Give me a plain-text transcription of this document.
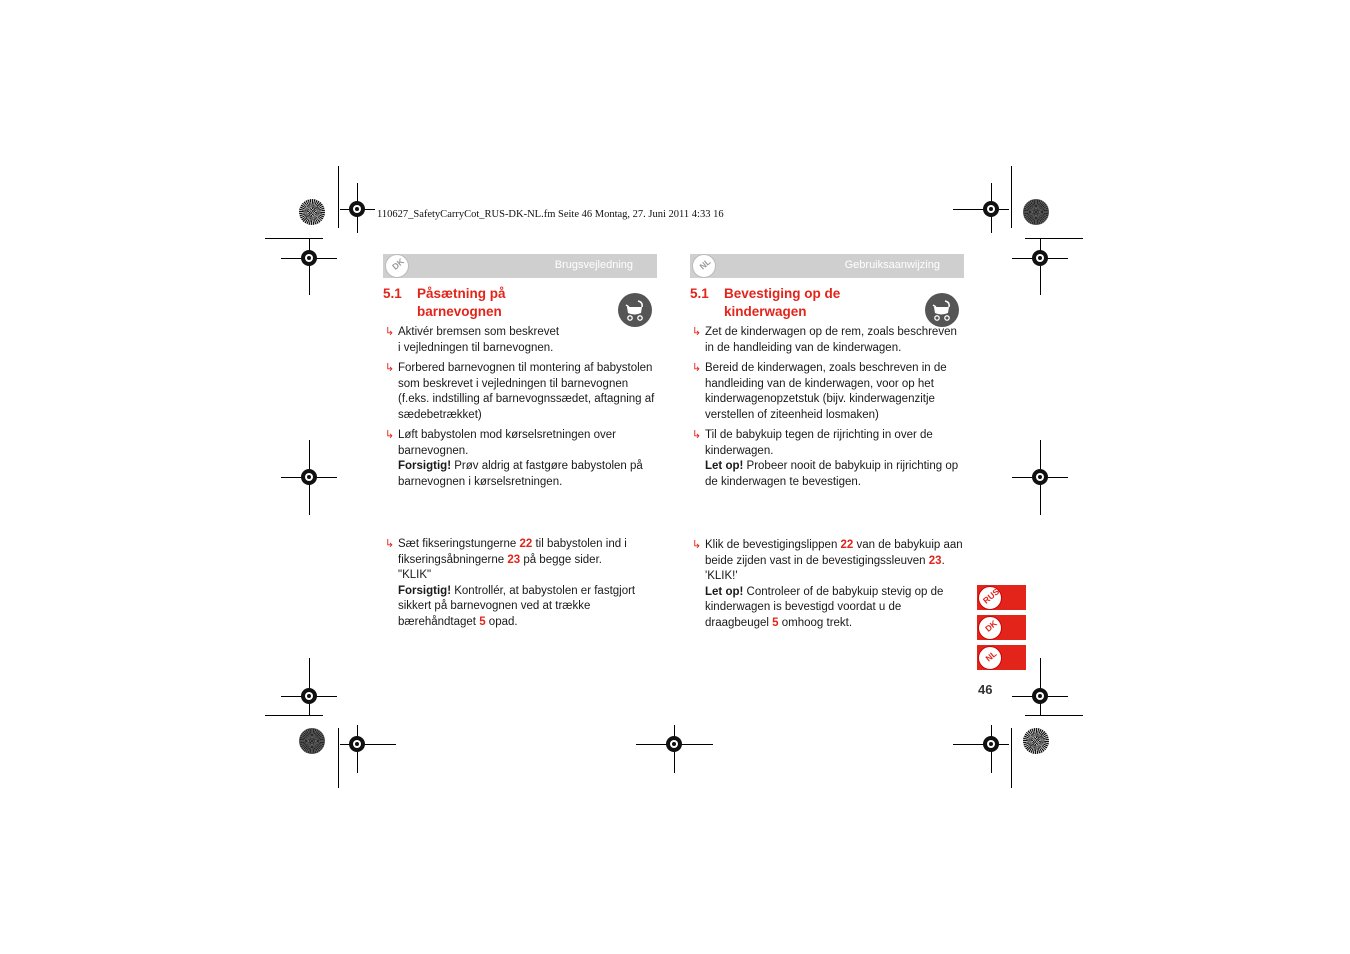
110627_SafetyCarryCot_RUS-DK-NL.fm Seite 46 Montag, 27. Juni 2011 4:33 16
DK	Brugsvejledning
5.1 Påsætning på
barnevognen
↳ Aktivér bremsen som beskrevet
i vejledningen til barnevognen.
↳ Forbered barnevognen til montering af babystolen som beskrevet i vejledningen til barnevognen (f.eks. indstilling af barnevognssædet, aftagning af sædebetrækket)
↳ Løft babystolen mod kørselsretningen over barnevognen.
Forsigtig! Prøv aldrig at fastgøre babystolen på barnevognen i kørselsretningen.
↳ Sæt fikseringstungerne 22 til babystolen ind i fikseringsåbningerne 23 på begge sider.
"KLIK"
Forsigtig! Kontrollér, at babystolen er fastgjort sikkert på barnevognen ved at trække bærehåndtaget 5 opad.
NL	Gebruiksaanwijzing
5.1 Bevestiging op de
kinderwagen
↳ Zet de kinderwagen op de rem, zoals beschreven in de handleiding van de kinderwagen.
↳ Bereid de kinderwagen, zoals beschreven in de handleiding van de kinderwagen, voor op het kinderwagenopzetstuk (bijv. kinderwagenzitje verstellen of ziteenheid losmaken)
↳ Til de babykuip tegen de rijrichting in over de kinderwagen.
Let op! Probeer nooit de babykuip in rijrichting op de kinderwagen te bevestigen.
↳ Klik de bevestigingslippen 22 van de babykuip aan beide zijden vast in de bevestigingssleuven 23.
'KLIK!'
Let op! Controleer of de babykuip stevig op de kinderwagen is bevestigd voordat u de draagbeugel 5 omhoog trekt.
RUS
DK
NL
46
